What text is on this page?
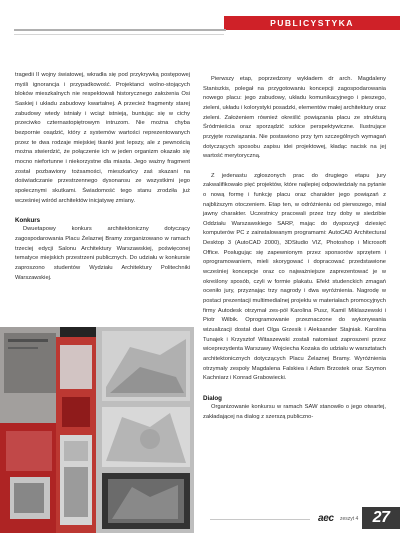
PUBLICYSTYKA

tragedii II wojny światowej, wkradła się pod przykrywką postępowej myśli ignorancja i przypadkowość. Projektanci wolno-stojących bloków mieszkalnych nie respektowali historycznego założenia Osi Saskiej i układu zabudowy kwartalnej. A przecież fragmenty starej zabudowy wtedy istniały i wciąż istnieją, buntując się w cichy przeciwko czternastopiętrowym intruzom. Nie można chyba bezpornie osądzić, który z systemów wartości reprezentowanych przez te dwa rodzaje miejskiej tkanki jest lepszy, ale z pewnością można stwierdzić, że połączenie ich w jeden organizm okazało się mocno niefortunne i niekorzystne dla miasta. Jego ważny fragment został pozbawiony tożsamości, mieszkańcy zaś skazani na doświadczanie przestrzennego dysonansu ze wszystkimi jego społecznymi skutkami. Świadomość tego stanu zrodziła już wcześniej wśród architektów inicjatywę zmiany.

Konkurs

Dwuetapowy konkurs architektoniczny dotyczący zagospodarowania Placu Żelaznej Bramy zorganizowano w ramach trzeciej edycji Salonu Architektury Warszawskiej, poświęconej tematyce miejskich przestrzeni publicznych. Do udziału w konkursie zaproszono studentów Wydziału Architektury Politechniki Warszawskiej.

Pierwszy etap, poprzedzony wykładem dr arch. Magdaleny Staniszkis, polegał na przygotowaniu koncepcji zagospodarowania nowego placu: jego zabudowy, układu komunikacyjnego i pieszego, zieleni, układu i kolorystyki posadzki, elementów małej architektury oraz zieleni. Założeniem również określić powiązania placu ze strukturą Śródmieścia oraz sporządzić szkice perspektywiczne. Ilustrujące przyjęte rozwiązania. Nie postawiono przy tym szczególnych wymagań dotyczących sposobu zapisu idei projektowej, kładąc nacisk na jej wartość merytoryczną.

Z jedenastu zgłoszonych prac do drugiego etapu jury zakwalifikowało pięć projektów, które najlepiej odpowiedziały na pytanie o nową formę i funkcję placu oraz charakter jego powiązań z najbliższym otoczeniem. Etap ten, w odróżnieniu od pierwszego, miał jawny charakter. Uczestnicy pracowali przez trzy doby w siedzibie Oddziału Warszawskiego SARP, mając do dyspozycji dziesięć komputerów PC z zainstalowanym programami: AutoCAD Architectural Desktop 3 (AutoCAD 2000), 3DStudio VIZ, Photoshop i Microsoft Office. Posługując się zapewnionym przez sponsorów sprzętem i oprogramowaniem, mieli skorygować i dopracować przedstawione wcześniej koncepcje oraz co najważniejsze zaprezentować je w określony sposób, czyli w formie plakatu. Efekt studenckich zmagań oceniło jury, przyznając trzy nagrody i dwa wyróżnienia. Nagrodę w postaci prezentacji multimedialnej projektu w materiałach promocyjnych firmy Autodesk otrzymał zes-pół Karolina Pusz, Kamil Miklaszewski i Piotr Wilbik. Oprogramowanie przeznaczone do wykonywania wizualizacji dostał duet Olga Grzesik i Aleksander Stajniak. Karolina Tunajek i Krzysztof Witaszewski zostali natomiast zaproszeni przez wiceprezydenta Warszawy Wojciecha Kozaka do udziału w warsztatach architektonicznych dotyczących Placu Żelaznej Bramy. Wyróżnienia otrzymały zespoły Magdalena Falskiea i Adam Brzostek oraz Szymon Kachniarz i Konrad Grabowiecki.

Dialog

Organizowanie konkursu w ramach SAW stanowiło o jego otwartej, zakładającej na dialog z szerszą publiczno-

aec zeszyt 4 27
